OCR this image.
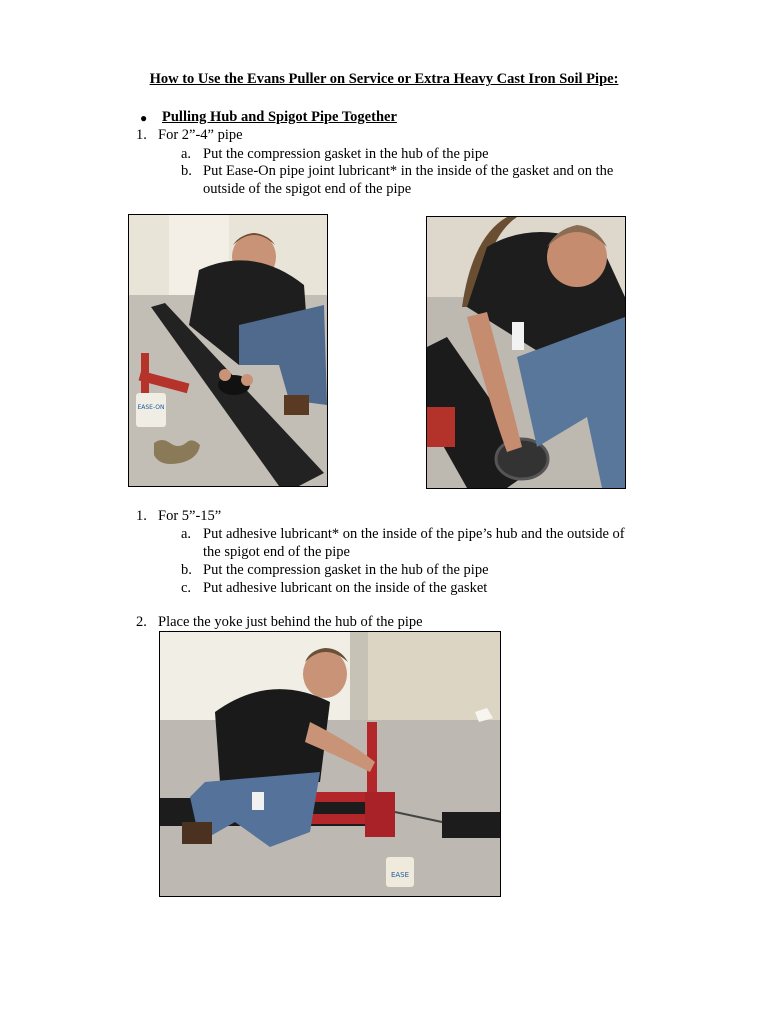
How to Use the Evans Puller on Service or Extra Heavy Cast Iron Soil Pipe:
● Pulling Hub and Spigot Pipe Together
1. For 2”-4” pipe
a. Put the compression gasket in the hub of the pipe
b. Put Ease-On pipe joint lubricant* in the inside of the gasket and on the
outside of the spigot end of the pipe
EASE-ON
1. For 5”-15”
a. Put adhesive lubricant* on the inside of the pipe’s hub and the outside of
the spigot end of the pipe
b. Put the compression gasket in the hub of the pipe
c. Put adhesive lubricant on the inside of the gasket
2. Place the yoke just behind the hub of the pipe
EASE
